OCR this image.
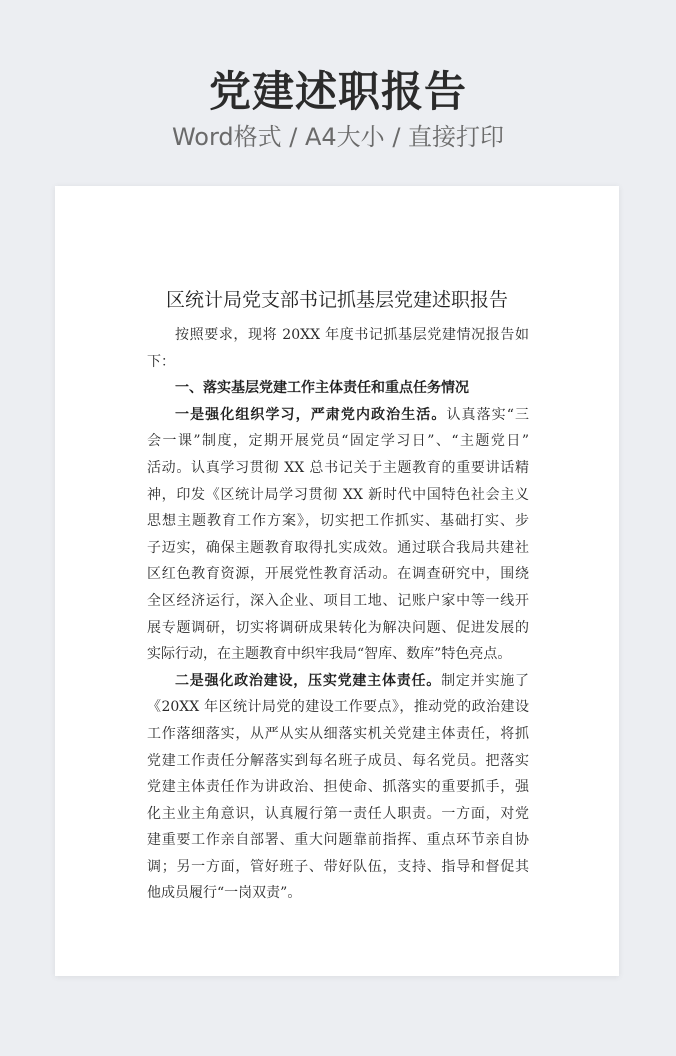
党建述职报告
Word格式 / A4大小 / 直接打印
区统计局党支部书记抓基层党建述职报告
按照要求，现将 20XX 年度书记抓基层党建情况报告如
下：
一、落实基层党建工作主体责任和重点任务情况
一是强化组织学习，严肃党内政治生活。认真落实“三
会一课”制度，定期开展党员“固定学习日”、“主题党日”
活动。认真学习贯彻 XX 总书记关于主题教育的重要讲话精
神，印发《区统计局学习贯彻 XX 新时代中国特色社会主义
思想主题教育工作方案》，切实把工作抓实、基础打实、步
子迈实，确保主题教育取得扎实成效。通过联合我局共建社
区红色教育资源，开展党性教育活动。在调查研究中，围绕
全区经济运行，深入企业、项目工地、记账户家中等一线开
展专题调研，切实将调研成果转化为解决问题、促进发展的
实际行动，在主题教育中织牢我局“智库、数库”特色亮点。
二是强化政治建设，压实党建主体责任。制定并实施了
《20XX 年区统计局党的建设工作要点》，推动党的政治建设
工作落细落实，从严从实从细落实机关党建主体责任，将抓
党建工作责任分解落实到每名班子成员、每名党员。把落实
党建主体责任作为讲政治、担使命、抓落实的重要抓手，强
化主业主角意识，认真履行第一责任人职责。一方面，对党
建重要工作亲自部署、重大问题靠前指挥、重点环节亲自协
调；另一方面，管好班子、带好队伍，支持、指导和督促其
他成员履行“一岗双责”。
